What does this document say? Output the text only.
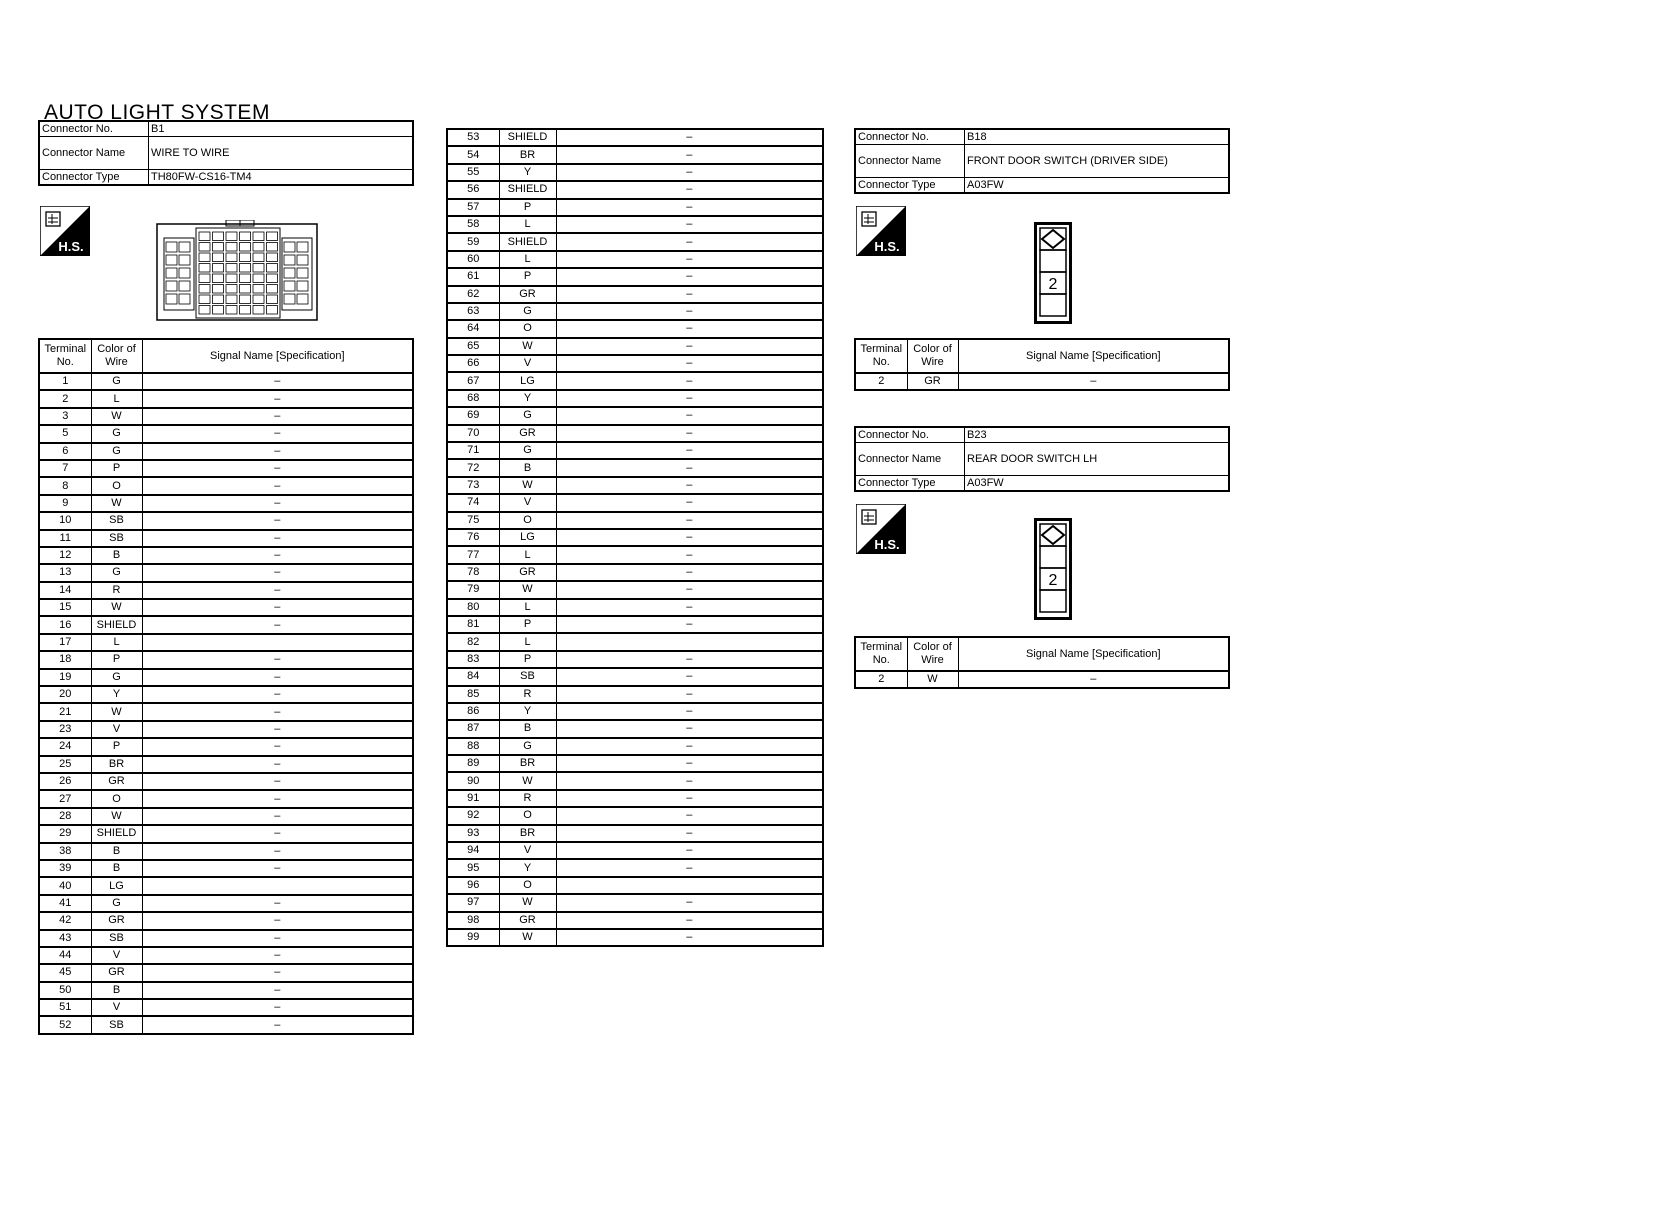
AUTO LIGHT SYSTEM
Connector No.	B1
Connector Name	WIRE TO WIRE
Connector Type	TH80FW-CS16-TM4
H.S.
Terminal No.	Color of Wire	Signal Name [Specification]
1	G	–
2	L	–
3	W	–
5	G	–
6	G	–
7	P	–
8	O	–
9	W	–
10	SB	–
11	SB	–
12	B	–
13	G	–
14	R	–
15	W	–
16	SHIELD	–
17	L	
18	P	–
19	G	–
20	Y	–
21	W	–
23	V	–
24	P	–
25	BR	–
26	GR	–
27	O	–
28	W	–
29	SHIELD	–
38	B	–
39	B	–
40	LG	
41	G	–
42	GR	–
43	SB	–
44	V	–
45	GR	–
50	B	–
51	V	–
52	SB	–
53	SHIELD	–
54	BR	–
55	Y	–
56	SHIELD	–
57	P	–
58	L	–
59	SHIELD	–
60	L	–
61	P	–
62	GR	–
63	G	–
64	O	–
65	W	–
66	V	–
67	LG	–
68	Y	–
69	G	–
70	GR	–
71	G	–
72	B	–
73	W	–
74	V	–
75	O	–
76	LG	–
77	L	–
78	GR	–
79	W	–
80	L	–
81	P	–
82	L	
83	P	–
84	SB	–
85	R	–
86	Y	–
87	B	–
88	G	–
89	BR	–
90	W	–
91	R	–
92	O	–
93	BR	–
94	V	–
95	Y	–
96	O	
97	W	–
98	GR	–
99	W	–
Connector No.	B18
Connector Name	FRONT DOOR SWITCH (DRIVER SIDE)
Connector Type	A03FW
H.S.
2
Terminal No.	Color of Wire	Signal Name [Specification]
2	GR	–
Connector No.	B23
Connector Name	REAR DOOR SWITCH LH
Connector Type	A03FW
H.S.
2
Terminal No.	Color of Wire	Signal Name [Specification]
2	W	–
